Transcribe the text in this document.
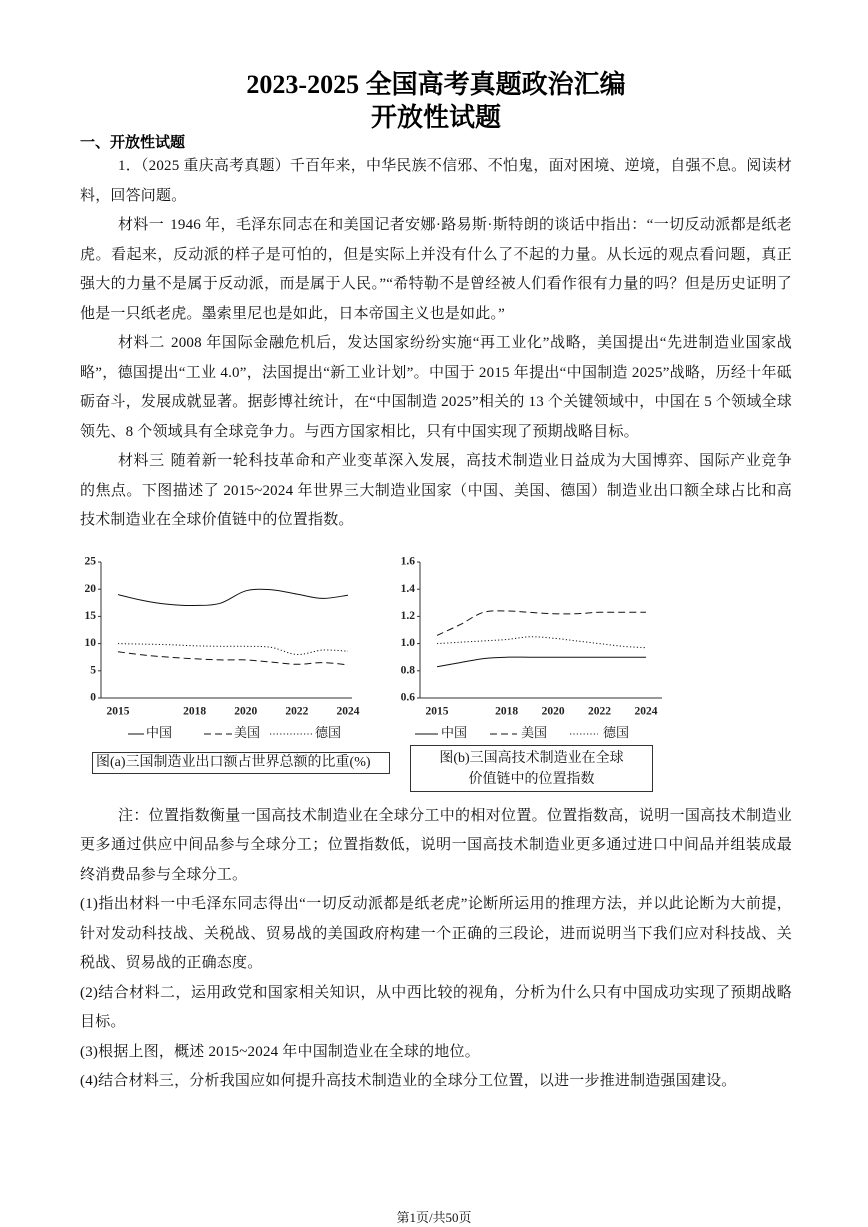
2023-2025 全国高考真题政治汇编
开放性试题
一、开放性试题

1．（2025 重庆高考真题）千百年来，中华民族不信邪、不怕鬼，面对困境、逆境，自强不息。阅读材料，回答问题。

材料一 1946 年，毛泽东同志在和美国记者安娜·路易斯·斯特朗的谈话中指出：“一切反动派都是纸老虎。看起来，反动派的样子是可怕的，但是实际上并没有什么了不起的力量。从长远的观点看问题，真正强大的力量不是属于反动派，而是属于人民。”“希特勒不是曾经被人们看作很有力量的吗？但是历史证明了他是一只纸老虎。墨索里尼也是如此，日本帝国主义也是如此。”

材料二 2008 年国际金融危机后，发达国家纷纷实施“再工业化”战略，美国提出“先进制造业国家战略”，德国提出“工业 4.0”，法国提出“新工业计划”。中国于 2015 年提出“中国制造 2025”战略，历经十年砥砺奋斗，发展成就显著。据彭博社统计，在“中国制造 2025”相关的 13 个关键领域中，中国在 5 个领域全球领先、8 个领域具有全球竞争力。与西方国家相比，只有中国实现了预期战略目标。

材料三 随着新一轮科技革命和产业变革深入发展，高技术制造业日益成为大国博弈、国际产业竞争的焦点。下图描述了 2015~2024 年世界三大制造业国家（中国、美国、德国）制造业出口额全球占比和高技术制造业在全球价值链中的位置指数。

0
5
10
15
20
25
2015	2018 2020 2022 2024
中国	美国	德国
0.6
0.8
1.0
1.2
1.4
1.6
2015	2018 2020 2022 2024
中国	美国	德国
图(a)三国制造业出口额占世界总额的比重(%)	图(b)三国高技术制造业在全球
价值链中的位置指数

注：位置指数衡量一国高技术制造业在全球分工中的相对位置。位置指数高，说明一国高技术制造业更多通过供应中间品参与全球分工；位置指数低，说明一国高技术制造业更多通过进口中间品并组装成最终消费品参与全球分工。

(1)指出材料一中毛泽东同志得出“一切反动派都是纸老虎”论断所运用的推理方法，并以此论断为大前提，针对发动科技战、关税战、贸易战的美国政府构建一个正确的三段论，进而说明当下我们应对科技战、关税战、贸易战的正确态度。

(2)结合材料二，运用政党和国家相关知识，从中西比较的视角，分析为什么只有中国成功实现了预期战略目标。

(3)根据上图，概述 2015~2024 年中国制造业在全球的地位。

(4)结合材料三，分析我国应如何提升高技术制造业的全球分工位置，以进一步推进制造强国建设。

第1页/共50页
